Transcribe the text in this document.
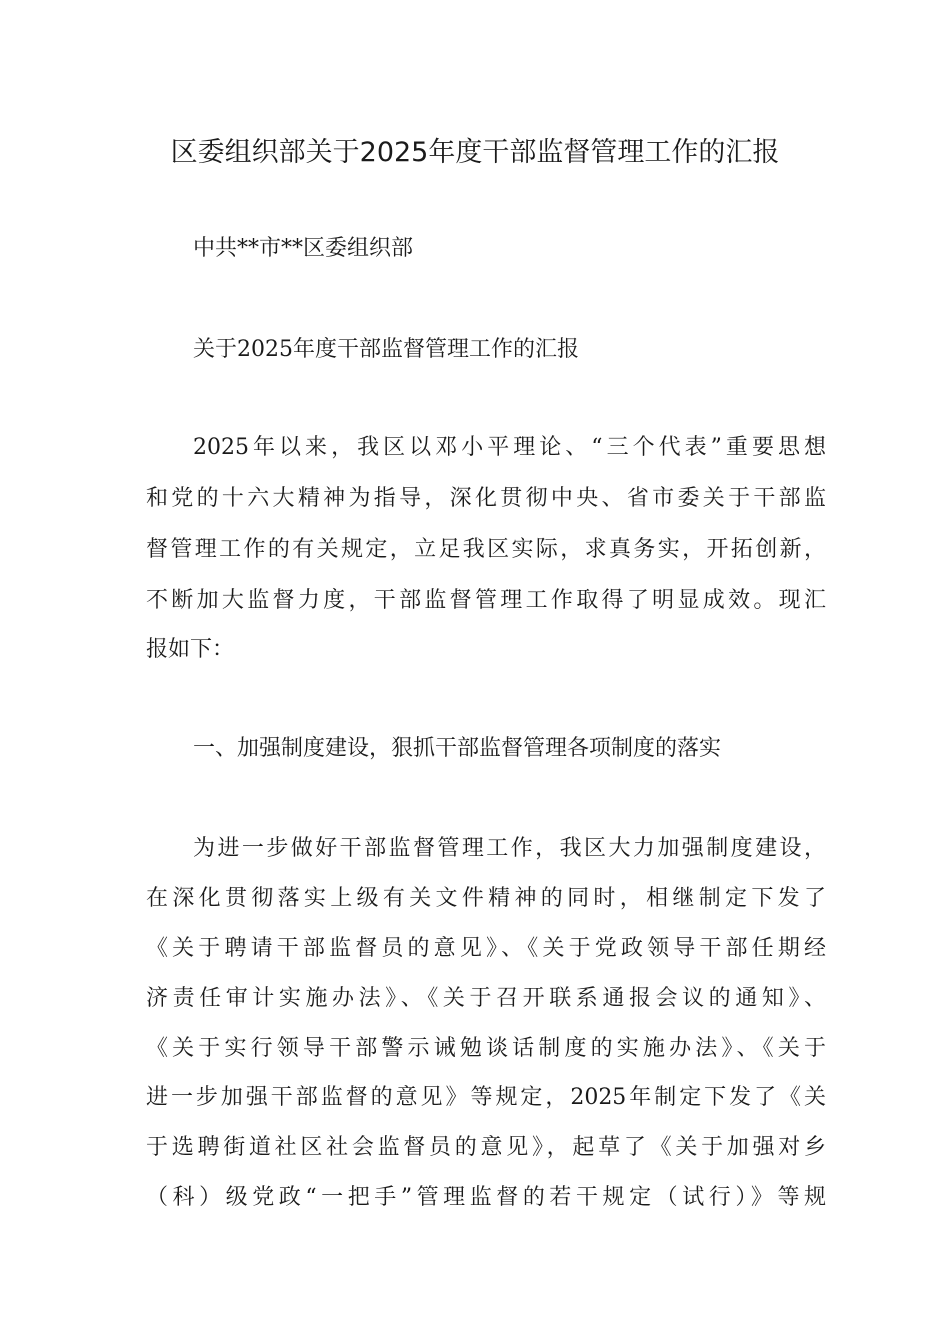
区委组织部关于2025年度干部监督管理工作的汇报
中共**市**区委组织部
关于2025年度干部监督管理工作的汇报
2025年以来，我区以邓小平理论、“三个代表”重要思想
和党的十六大精神为指导，深化贯彻中央、省市委关于干部监
督管理工作的有关规定，立足我区实际，求真务实，开拓创新，
不断加大监督力度，干部监督管理工作取得了明显成效。现汇
报如下：
一、加强制度建设，狠抓干部监督管理各项制度的落实
为进一步做好干部监督管理工作，我区大力加强制度建设，
在深化贯彻落实上级有关文件精神的同时，相继制定下发了
《关于聘请干部监督员的意见》、《关于党政领导干部任期经
济责任审计实施办法》、《关于召开联系通报会议的通知》、
《关于实行领导干部警示诫勉谈话制度的实施办法》、《关于
进一步加强干部监督的意见》等规定，2025年制定下发了《关
于选聘街道社区社会监督员的意见》，起草了《关于加强对乡
（科）级党政“一把手”管理监督的若干规定（试行）》等规
